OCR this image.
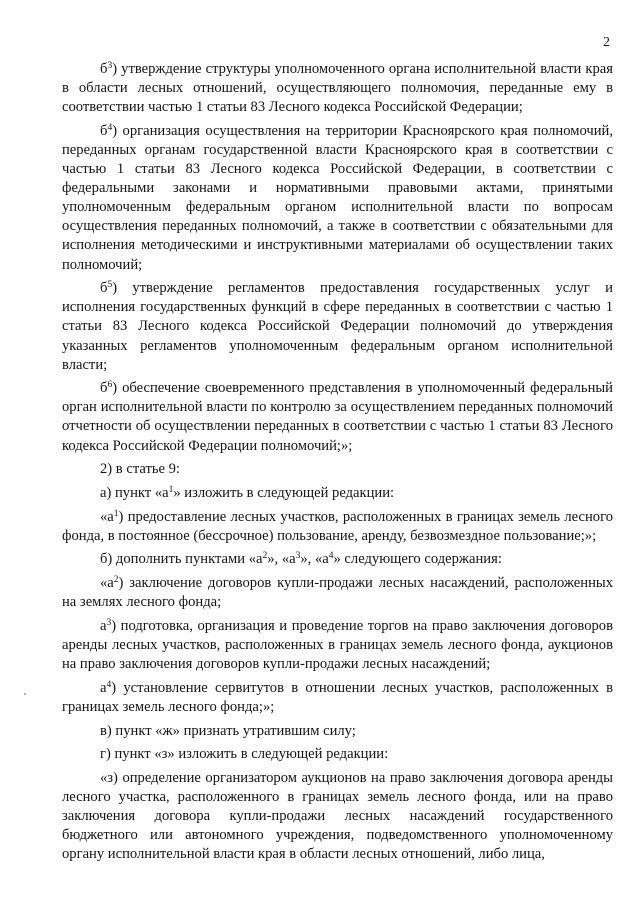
2

$б^3$) утверждение структуры уполномоченного органа исполнительной власти края в области лесных отношений, осуществляющего полномочия, переданные ему в соответствии частью 1 статьи 83 Лесного кодекса Российской Федерации;

$б^4$) организация осуществления на территории Красноярского края полномочий, переданных органам государственной власти Красноярского края в соответствии с частью 1 статьи 83 Лесного кодекса Российской Федерации, в соответствии с федеральными законами и нормативными правовыми актами, принятыми уполномоченным федеральным органом исполнительной власти по вопросам осуществления переданных полномочий, а также в соответствии с обязательными для исполнения методическими и инструктивными материалами об осуществлении таких полномочий;

$б^5$) утверждение регламентов предоставления государственных услуг и исполнения государственных функций в сфере переданных в соответствии с частью 1 статьи 83 Лесного кодекса Российской Федерации полномочий до утверждения указанных регламентов уполномоченным федеральным органом исполнительной власти;

$б^6$) обеспечение своевременного представления в уполномоченный федеральный орган исполнительной власти по контролю за осуществлением переданных полномочий отчетности об осуществлении переданных в соответствии с частью 1 статьи 83 Лесного кодекса Российской Федерации полномочий;»;

2) в статье 9:

а) пункт «$а^1$» изложить в следующей редакции:

«$а^1$) предоставление лесных участков, расположенных в границах земель лесного фонда, в постоянное (бессрочное) пользование, аренду, безвозмездное пользование;»;

б) дополнить пунктами «$а^2$», «$а^3$», «$а^4$» следующего содержания:

«$а^2$) заключение договоров купли-продажи лесных насаждений, расположенных на землях лесного фонда;

$а^3$) подготовка, организация и проведение торгов на право заключения договоров аренды лесных участков, расположенных в границах земель лесного фонда, аукционов на право заключения договоров купли-продажи лесных насаждений;

$а^4$) установление сервитутов в отношении лесных участков, расположенных в границах земель лесного фонда;»;

в) пункт «ж» признать утратившим силу;

г) пункт «з» изложить в следующей редакции:

«з) определение организатором аукционов на право заключения договора аренды лесного участка, расположенного в границах земель лесного фонда, или на право заключения договора купли-продажи лесных насаждений государственного бюджетного или автономного учреждения, подведомственного уполномоченному органу исполнительной власти края в области лесных отношений, либо лица,
